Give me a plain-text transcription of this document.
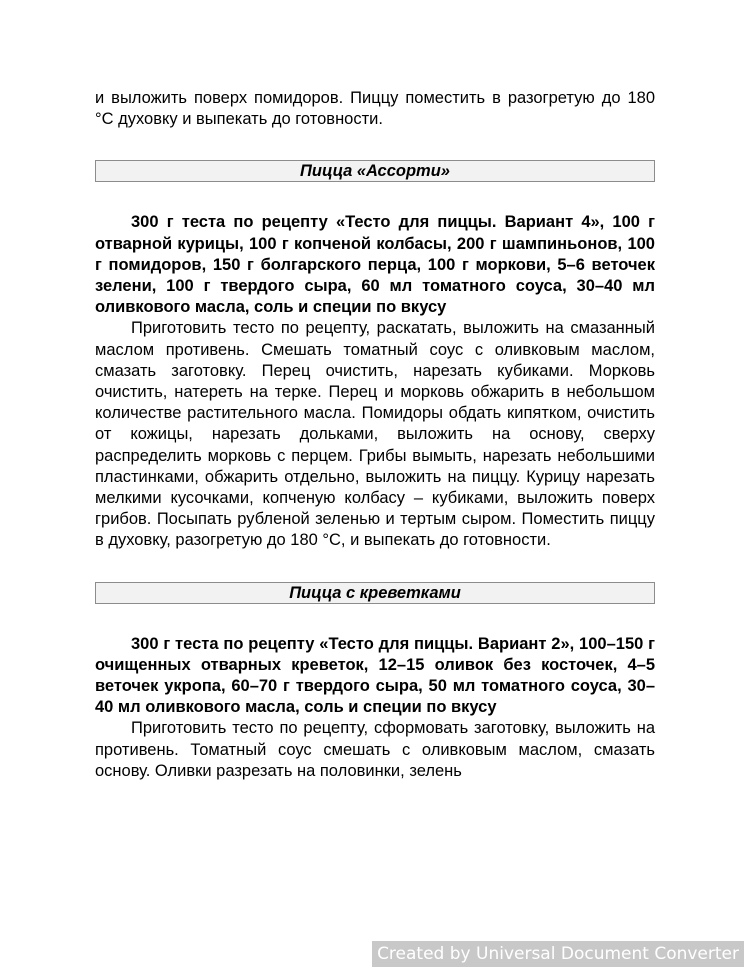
и выложить поверх помидоров. Пиццу поместить в разогретую до 180 °С духовку и выпекать до готовности.

Пицца «Ассорти»

300 г теста по рецепту «Тесто для пиццы. Вариант 4», 100 г отварной курицы, 100 г копченой колбасы, 200 г шампиньонов, 100 г помидоров, 150 г болгарского перца, 100 г моркови, 5–6 веточек зелени, 100 г твердого сыра, 60 мл томатного соуса, 30–40 мл оливкового масла, соль и специи по вкусу

Приготовить тесто по рецепту, раскатать, выложить на смазанный маслом противень. Смешать томатный соус с оливковым маслом, смазать заготовку. Перец очистить, нарезать кубиками. Морковь очистить, натереть на терке. Перец и морковь обжарить в небольшом количестве растительного масла. Помидоры обдать кипятком, очистить от кожицы, нарезать дольками, выложить на основу, сверху распределить морковь с перцем. Грибы вымыть, нарезать небольшими пластинками, обжарить отдельно, выложить на пиццу. Курицу нарезать мелкими кусочками, копченую колбасу – кубиками, выложить поверх грибов. Посыпать рубленой зеленью и тертым сыром. Поместить пиццу в духовку, разогретую до 180 °С, и выпекать до готовности.

Пицца с креветками

300 г теста по рецепту «Тесто для пиццы. Вариант 2», 100–150 г очищенных отварных креветок, 12–15 оливок без косточек, 4–5 веточек укропа, 60–70 г твердого сыра, 50 мл томатного соуса, 30–40 мл оливкового масла, соль и специи по вкусу

Приготовить тесто по рецепту, сформовать заготовку, выложить на противень. Томатный соус смешать с оливковым маслом, смазать основу. Оливки разрезать на половинки, зелень

Created by Universal Document Converter
